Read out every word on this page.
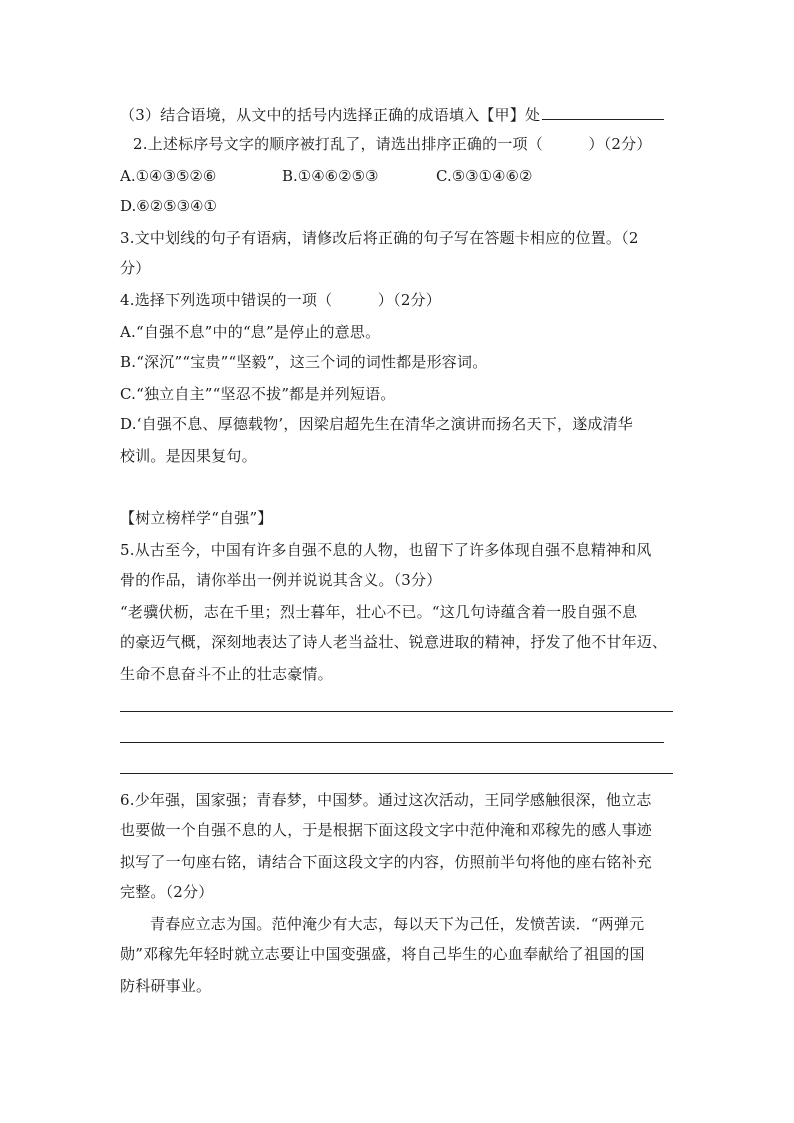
（3）结合语境，从文中的括号内选择正确的成语填入【甲】处
2.上述标序号文字的顺序被打乱了，请选出排序正确的一项（　　　）（2分）
A.①④③⑤②⑥	B.①④⑥②⑤③	C.⑤③①④⑥②
D.⑥②⑤③④①
3.文中划线的句子有语病，请修改后将正确的句子写在答题卡相应的位置。（2
分）
4.选择下列选项中错误的一项（　　　）（2分）
A.“自强不息”中的“息”是停止的意思。
B.“深沉”“宝贵”“坚毅”，这三个词的词性都是形容词。
C.“独立自主”“坚忍不拔”都是并列短语。
D.‘自强不息、厚德载物’，因梁启超先生在清华之演讲而扬名天下，遂成清华
校训。是因果复句。
【树立榜样学“自强”】
5.从古至今，中国有许多自强不息的人物，也留下了许多体现自强不息精神和风
骨的作品，请你举出一例并说说其含义。（3分）
“老骥伏枥，志在千里；烈士暮年，壮心不已。“这几句诗蕴含着一股自强不息
的豪迈气概，深刻地表达了诗人老当益壮、锐意进取的精神，抒发了他不甘年迈、
生命不息奋斗不止的壮志豪情。
6.少年强，国家强；青春梦，中国梦。通过这次活动，王同学感触很深，他立志
也要做一个自强不息的人，于是根据下面这段文字中范仲淹和邓稼先的感人事迹
拟写了一句座右铭，请结合下面这段文字的内容，仿照前半句将他的座右铭补充
完整。（2分）
青春应立志为国。范仲淹少有大志，每以天下为己任，发愤苦读．“两弹元
勋”邓稼先年轻时就立志要让中国变强盛，将自己毕生的心血奉献给了祖国的国
防科研事业。
